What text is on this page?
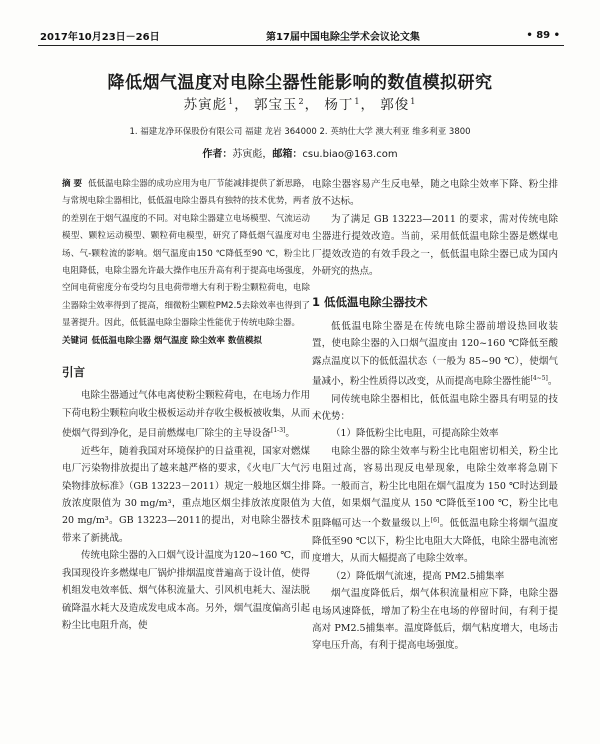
2017年10月23日－26日	第17届中国电除尘学术会议论文集	• 89 •
降低烟气温度对电除尘器性能影响的数值模拟研究
苏寅彪$^1$， 郭宝玉$^2$， 杨丁$^1$， 郭俊$^1$
1. 福建龙净环保股份有限公司 福建 龙岩 364000 2. 英纳仕大学 澳大利亚 维多利亚 3800
作者：苏寅彪，邮箱：csu.biao@163.com
摘 要 低低温电除尘器的成功应用为电厂节能减排提供了新思路，与常规电除尘器相比，低低温电除尘器具有独特的技术优势，两者的差别在于烟气温度的不同。对电除尘器建立电场模型、气流运动模型、颗粒运动模型、颗粒荷电模型，研究了降低烟气温度对电场、气-颗粒流的影响。烟气温度由150 ℃降低至90 ℃，粉尘比电阻降低，电除尘器允许最大操作电压升高有利于提高电场强度，空间电荷密度分布受均匀且电荷带增大有利于粉尘颗粒荷电，电除尘器除尘效率得到了提高，细微粉尘颗粒PM2.5去除效率也得到了显著提升。因此，低低温电除尘器除尘性能优于传统电除尘器。
关键词 低低温电除尘器 烟气温度 除尘效率 数值模拟
引言

电除尘器通过气体电离使粉尘颗粒荷电，在电场力作用下荷电粉尘颗粒向收尘极板运动并存收尘极板被收集，从而使烟气得到净化，是目前燃煤电厂除尘的主导设备[1-3]。

近些年，随着我国对环境保护的日益重视，国家对燃煤电厂污染物排放提出了越来越严格的要求，《火电厂大气污染物排放标准》（GB 13223－2011）规定一般地区烟尘排放浓度限值为 30 mg/m³，重点地区烟尘排放浓度限值为 20 mg/m³。GB 13223—2011的提出，对电除尘器技术带来了新挑战。

传统电除尘器的入口烟气设计温度为120~160 ℃，而我国现役许多燃煤电厂锅炉排烟温度普遍高于设计值，使得机组发电效率低、烟气体积流量大、引风机电耗大、湿法脱硫降温水耗大及造成发电成本高。另外，烟气温度偏高引起粉尘比电阻升高，使

电除尘器容易产生反电晕，随之电除尘效率下降、粉尘排放不达标。

为了满足 GB 13223—2011 的要求，需对传统电除尘器进行提效改造。当前，采用低低温电除尘器是燃煤电厂提效改造的有效手段之一，低低温电除尘器已成为国内外研究的热点。

1 低低温电除尘器技术

低低温电除尘器是在传统电除尘器前增设热回收装置，使电除尘器的入口烟气温度由 120~160 ℃降低至酸露点温度以下的低低温状态（一般为 85~90 ℃），使烟气量减小，粉尘性质得以改变，从而提高电除尘器性能[4~5]。

同传统电除尘器相比，低低温电除尘器具有明显的技术优势：

（1）降低粉尘比电阻，可提高除尘效率

电除尘器的除尘效率与粉尘比电阻密切相关，粉尘比电阻过高，容易出现反电晕现象，电除尘效率将急剧下降。一般而言，粉尘比电阻在烟气温度为 150 ℃时达到最大值，如果烟气温度从 150 ℃降低至100 ℃，粉尘比电阻降幅可达一个数量级以上[6]。低低温电除尘将烟气温度降低至90 ℃以下，粉尘比电阻大大降低，电除尘器电流密度增大，从而大幅提高了电除尘效率。

（2）降低烟气流速，提高 PM2.5捕集率

烟气温度降低后，烟气体积流量相应下降，电除尘器电场风速降低，增加了粉尘在电场的停留时间，有利于提高对 PM2.5捕集率。温度降低后，烟气粘度增大，电场击穿电压升高，有利于提高电场强度。
